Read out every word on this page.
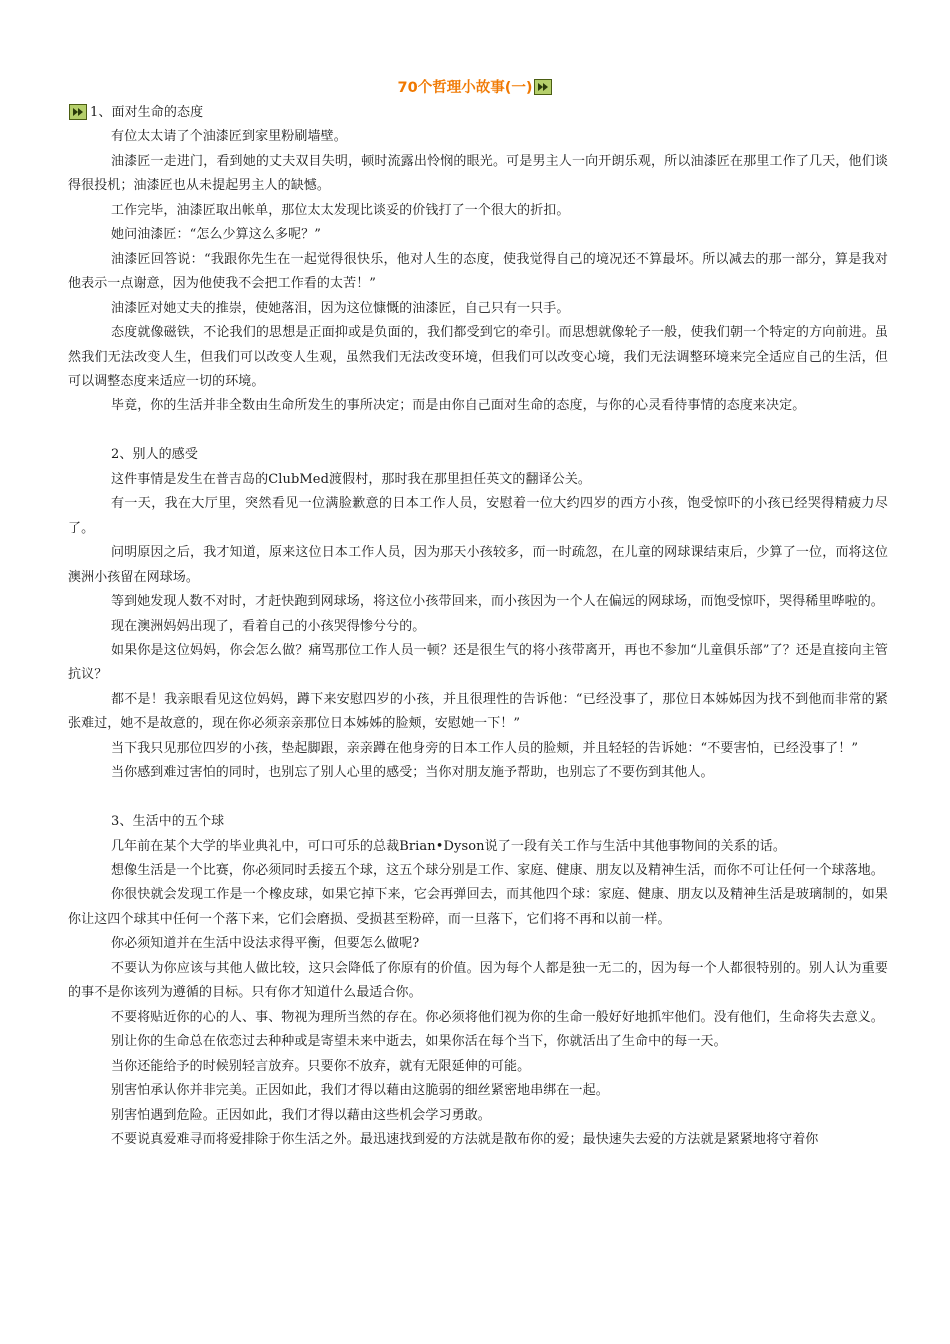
70个哲理小故事(一)
1、面对生命的态度

有位太太请了个油漆匠到家里粉刷墙壁。

油漆匠一走进门，看到她的丈夫双目失明，顿时流露出怜悯的眼光。可是男主人一向开朗乐观，所以油漆匠在那里工作了几天，他们谈得很投机；油漆匠也从未提起男主人的缺憾。

工作完毕，油漆匠取出帐单，那位太太发现比谈妥的价钱打了一个很大的折扣。

她问油漆匠：“怎么少算这么多呢？”

油漆匠回答说：“我跟你先生在一起觉得很快乐，他对人生的态度，使我觉得自己的境况还不算最坏。所以减去的那一部分，算是我对他表示一点谢意，因为他使我不会把工作看的太苦！”

油漆匠对她丈夫的推崇，使她落泪，因为这位慷慨的油漆匠，自己只有一只手。

态度就像磁铁，不论我们的思想是正面抑或是负面的，我们都受到它的牵引。而思想就像轮子一般，使我们朝一个特定的方向前进。虽然我们无法改变人生，但我们可以改变人生观，虽然我们无法改变环境，但我们可以改变心境，我们无法调整环境来完全适应自己的生活，但可以调整态度来适应一切的环境。

毕竟，你的生活并非全数由生命所发生的事所决定；而是由你自己面对生命的态度，与你的心灵看待事情的态度来决定。

2、别人的感受

这件事情是发生在普吉岛的ClubMed渡假村，那时我在那里担任英文的翻译公关。

有一天，我在大厅里，突然看见一位满脸歉意的日本工作人员，安慰着一位大约四岁的西方小孩，饱受惊吓的小孩已经哭得精疲力尽了。

问明原因之后，我才知道，原来这位日本工作人员，因为那天小孩较多，而一时疏忽，在儿童的网球课结束后，少算了一位，而将这位澳洲小孩留在网球场。

等到她发现人数不对时，才赶快跑到网球场，将这位小孩带回来，而小孩因为一个人在偏远的网球场，而饱受惊吓，哭得稀里哗啦的。

现在澳洲妈妈出现了，看着自己的小孩哭得惨兮兮的。

如果你是这位妈妈，你会怎么做？痛骂那位工作人员一顿？还是很生气的将小孩带离开，再也不参加“儿童俱乐部”了？还是直接向主管抗议？

都不是！我亲眼看见这位妈妈，蹲下来安慰四岁的小孩，并且很理性的告诉他：“已经没事了，那位日本姊姊因为找不到他而非常的紧张难过，她不是故意的，现在你必须亲亲那位日本姊姊的脸颊，安慰她一下！”

当下我只见那位四岁的小孩，垫起脚跟，亲亲蹲在他身旁的日本工作人员的脸颊，并且轻轻的告诉她：“不要害怕，已经没事了！”

当你感到难过害怕的同时，也别忘了别人心里的感受；当你对朋友施予帮助，也别忘了不要伤到其他人。

3、生活中的五个球

几年前在某个大学的毕业典礼中，可口可乐的总裁Brian•Dyson说了一段有关工作与生活中其他事物间的关系的话。

想像生活是一个比赛，你必须同时丢接五个球，这五个球分别是工作、家庭、健康、朋友以及精神生活，而你不可让任何一个球落地。

你很快就会发现工作是一个橡皮球，如果它掉下来，它会再弹回去，而其他四个球：家庭、健康、朋友以及精神生活是玻璃制的，如果你让这四个球其中任何一个落下来，它们会磨损、受损甚至粉碎，而一旦落下，它们将不再和以前一样。

你必须知道并在生活中设法求得平衡，但要怎么做呢?

不要认为你应该与其他人做比较，这只会降低了你原有的价值。因为每个人都是独一无二的，因为每一个人都很特别的。别人认为重要的事不是你该列为遵循的目标。只有你才知道什么最适合你。

不要将贴近你的心的人、事、物视为理所当然的存在。你必须将他们视为你的生命一般好好地抓牢他们。没有他们，生命将失去意义。

别让你的生命总在依恋过去种种或是寄望未来中逝去，如果你活在每个当下，你就活出了生命中的每一天。

当你还能给予的时候别轻言放弃。只要你不放弃，就有无限延伸的可能。

别害怕承认你并非完美。正因如此，我们才得以藉由这脆弱的细丝紧密地串绑在一起。

别害怕遇到危险。正因如此，我们才得以藉由这些机会学习勇敢。

不要说真爱难寻而将爱排除于你生活之外。最迅速找到爱的方法就是散布你的爱；最快速失去爱的方法就是紧紧地将守着你
